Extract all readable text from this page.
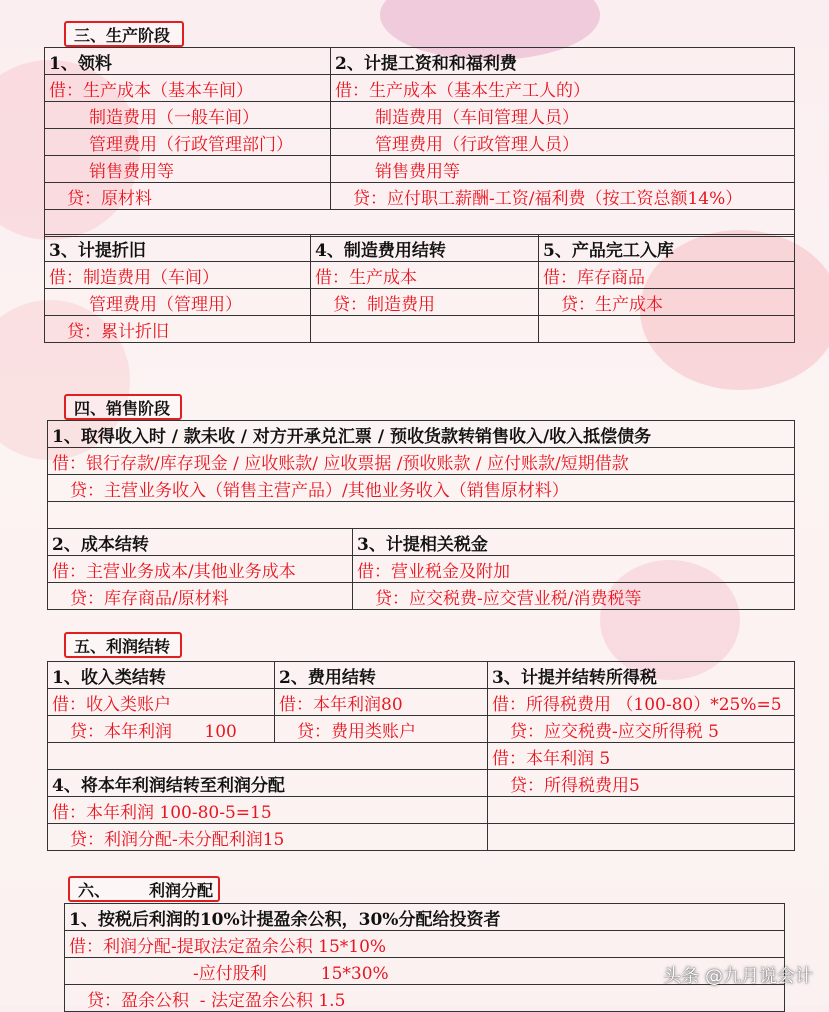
三、生产阶段
1、领料	2、计提工资和和福利费
借：生产成本（基本车间）	借：生产成本（基本生产工人的）
制造费用（一般车间）	制造费用（车间管理人员）
管理费用（行政管理部门）	管理费用（行政管理人员）
销售费用等	销售费用等
贷：原材料	贷：应付职工薪酬-工资/福利费（按工资总额14%）

3、计提折旧	4、制造费用结转	5、产品完工入库
借：制造费用（车间）	借：生产成本	借：库存商品
管理费用（管理用）	贷：制造费用	贷：生产成本
贷：累计折旧		
四、销售阶段
1、取得收入时 / 款未收 / 对方开承兑汇票 / 预收货款转销售收入/收入抵偿债务	
借：银行存款/库存现金 / 应收账款/ 应收票据 /预收账款 / 应付账款/短期借款	
贷：主营业务收入（销售主营产品）/其他业务收入（销售原材料）	

2、成本结转	3、计提相关税金
借：主营业务成本/其他业务成本	借：营业税金及附加
贷：库存商品/原材料	贷：应交税费-应交营业税/消费税等
五、利润结转
1、收入类结转	2、费用结转	3、计提并结转所得税
借：收入类账户	借：本年利润80	借：所得税费用 （100-80）*25%=5
贷：本年利润      100	贷：费用类账户	贷：应交税费-应交所得税 5
		借：本年利润 5
4、将本年利润结转至利润分配		贷：所得税费用5
借：本年利润 100-80-5=15		
贷：利润分配-未分配利润15		
六、       利润分配
1、按税后利润的10%计提盈余公积，30%分配给投资者
借：利润分配-提取法定盈余公积 15*10%
-应付股利          15*30%
贷：盈余公积  - 法定盈余公积 1.5
头条 @九月说会计
